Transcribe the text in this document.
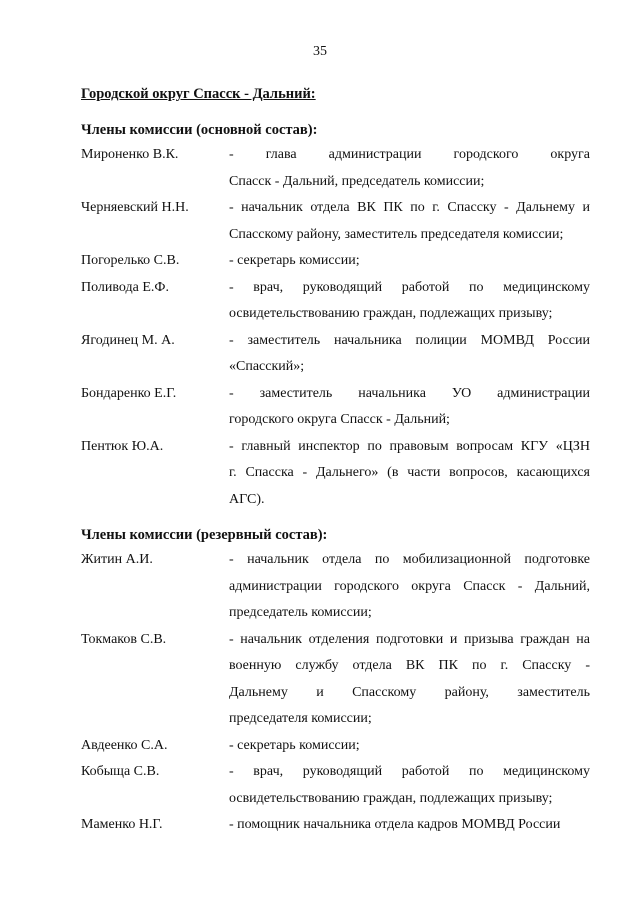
35
Городской округ Спасск - Дальний:
Члены комиссии (основной состав):
Мироненко В.К.	- глава администрации городского округа
Спасск - Дальний, председатель комиссии;
Черняевский Н.Н.	- начальник отдела ВК ПК по г. Спасску - Дальнему и
Спасскому району, заместитель председателя комиссии;
Погорелько С.В.	- секретарь комиссии;
Поливода Е.Ф.	- врач, руководящий работой по медицинскому
освидетельствованию граждан, подлежащих призыву;
Ягодинец М. А.	- заместитель начальника полиции МОМВД России
«Спасский»;
Бондаренко Е.Г.	- заместитель начальника УО администрации
городского округа Спасск - Дальний;
Пентюк Ю.А.	- главный инспектор по правовым вопросам КГУ «ЦЗН
г. Спасска - Дальнего» (в части вопросов, касающихся
АГС).
Члены комиссии (резервный состав):
Житин А.И.	- начальник отдела по мобилизационной подготовке
администрации городского округа Спасск - Дальний,
председатель комиссии;
Токмаков С.В.	- начальник отделения подготовки и призыва граждан на
военную службу отдела ВК ПК по г. Спасску -
Дальнему и Спасскому району, заместитель
председателя комиссии;
Авдеенко С.А.	- секретарь комиссии;
Кобыща С.В.	- врач, руководящий работой по медицинскому
освидетельствованию граждан, подлежащих призыву;
Маменко Н.Г.	- помощник начальника отдела кадров МОМВД России
